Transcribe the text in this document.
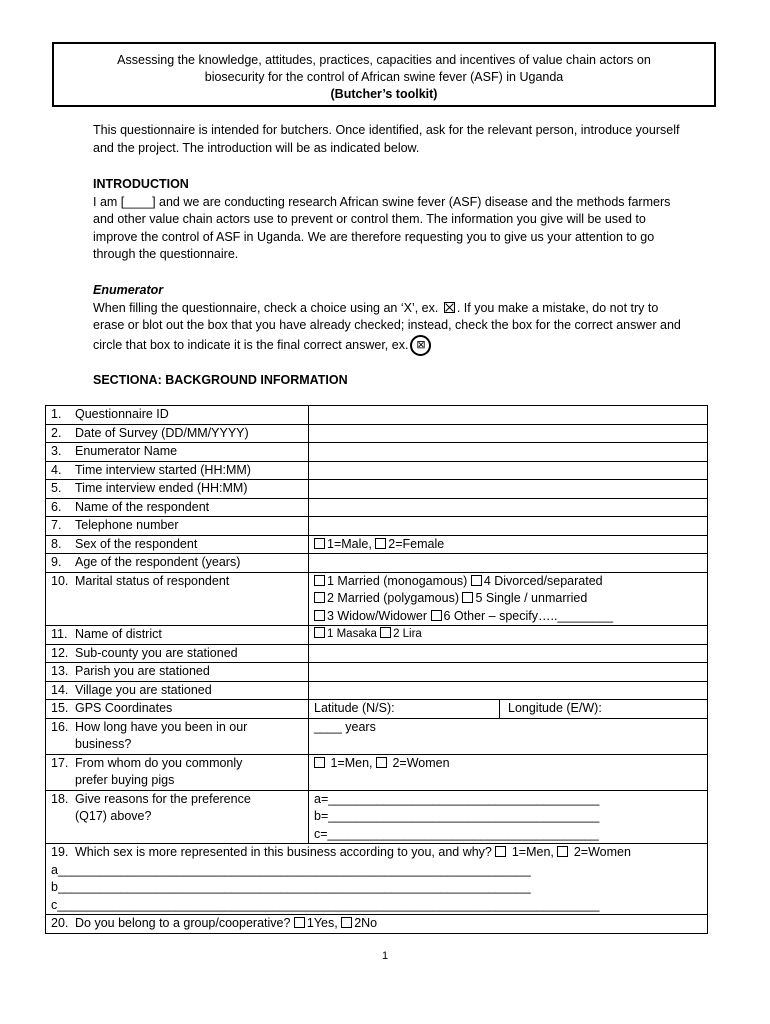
Assessing the knowledge, attitudes, practices, capacities and incentives of value chain actors on
biosecurity for the control of African swine fever (ASF) in Uganda
(Butcher’s toolkit)
This questionnaire is intended for butchers. Once identified, ask for the relevant person, introduce yourself and the project. The introduction will be as indicated below.
INTRODUCTION
I am [____] and we are conducting research African swine fever (ASF) disease and the methods farmers and other value chain actors use to prevent or control them. The information you give will be used to improve the control of ASF in Uganda. We are therefore requesting you to give us your attention to go through the questionnaire.
Enumerator
When filling the questionnaire, check a choice using an ‘X’, ex. . If you make a mistake, do not try to erase or blot out the box that you have already checked; instead, check the box for the correct answer and circle that box to indicate it is the final correct answer, ex. ⊠
SECTIONA: BACKGROUND INFORMATION
1. Questionnaire ID	
2. Date of Survey (DD/MM/YYYY)	
3. Enumerator Name	
4. Time interview started (HH:MM)	
5. Time interview ended (HH:MM)	
6. Name of the respondent	
7. Telephone number	
8. Sex of the respondent	1=Male, 2=Female
9. Age of the respondent (years)	
10. Marital status of respondent	1 Married (monogamous) 4 Divorced/separated
2 Married (polygamous) 5 Single / unmarried
3 Widow/Widower 6 Other – specify…..________

11. Name of district	1 Masaka 2 Lira
12. Sub-county you are stationed	
13. Parish you are stationed	
14. Village you are stationed	
15. GPS Coordinates	Latitude (N/S): Longitude (E/W):

16. How long have you been in our
business?	____ years
17. From whom do you commonly
prefer buying pigs	1=Men,  2=Women
18. Give reasons for the preference
(Q17) above?	a=_______________________________________
b=_______________________________________
c=_______________________________________

19. Which sex is more represented in this business according to you, and why?  1=Men,  2=Women
a____________________________________________________________________
b____________________________________________________________________
c______________________________________________________________________________	

20. Do you belong to a group/cooperative? 1Yes, 2No	
1
